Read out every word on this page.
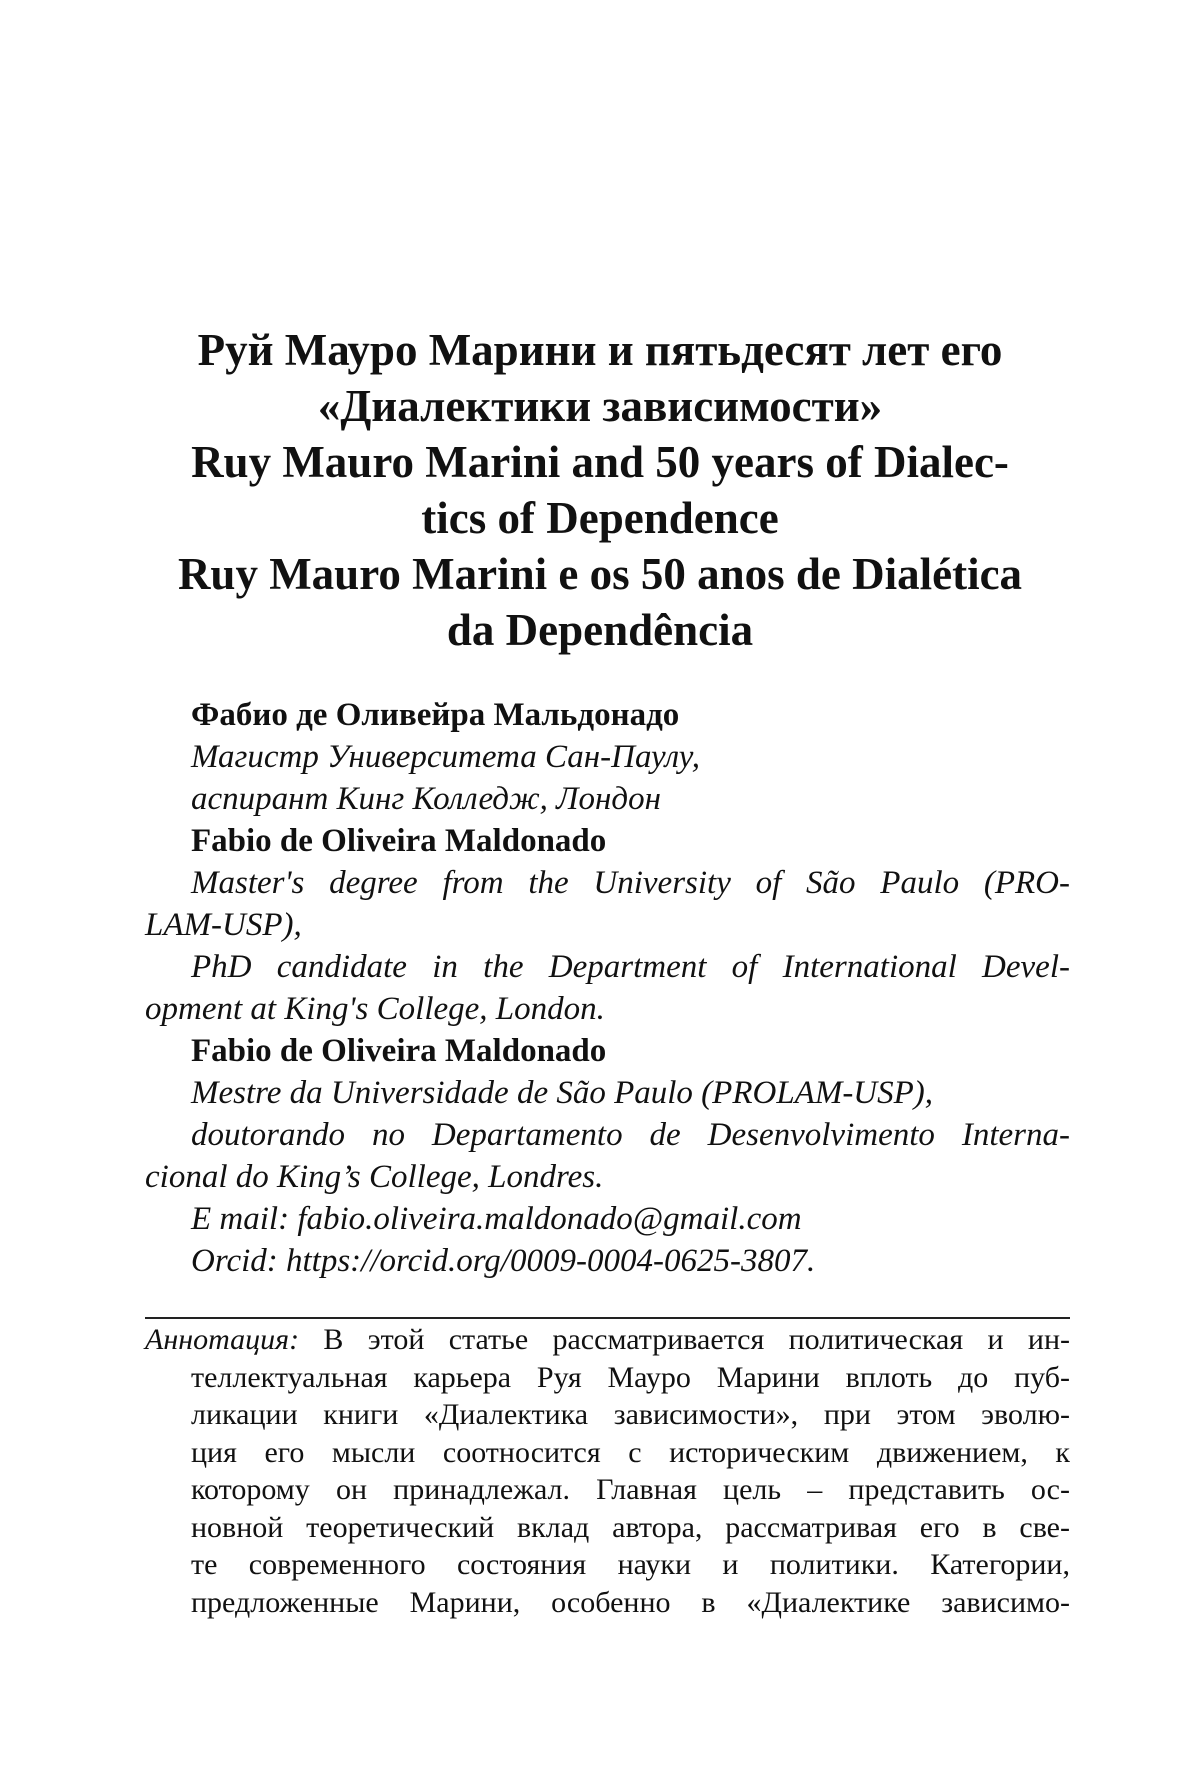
Руй Мауро Марини и пятьдесят лет его
«Диалектики зависимости»
Ruy Mauro Marini and 50 years of Dialec-
tics of Dependence
Ruy Mauro Marini e os 50 anos de Dialética
da Dependência
Фабио де Оливейра Мальдонадо
Магистр Университета Сан-Паулу,
аспирант Кинг Колледж, Лондон
Fabio de Oliveira Maldonado
Master's degree from the University of São Paulo (PRO-
LAM-USP),
PhD candidate in the Department of International Devel-
opment at King's College, London.
Fabio de Oliveira Maldonado
Mestre da Universidade de São Paulo (PROLAM-USP),
doutorando no Departamento de Desenvolvimento Interna-
cional do King’s College, Londres.
E mail: fabio.oliveira.maldonado@gmail.com
Orcid: https://orcid.org/0009-0004-0625-3807.
Аннотация: В этой статье рассматривается политическая и ин-
теллектуальная карьера Руя Мауро Марини вплоть до пуб-
ликации книги «Диалектика зависимости», при этом эволю-
ция его мысли соотносится с историческим движением, к
которому он принадлежал. Главная цель – представить ос-
новной теоретический вклад автора, рассматривая его в све-
те современного состояния науки и политики. Категории,
предложенные Марини, особенно в «Диалектике зависимо-
